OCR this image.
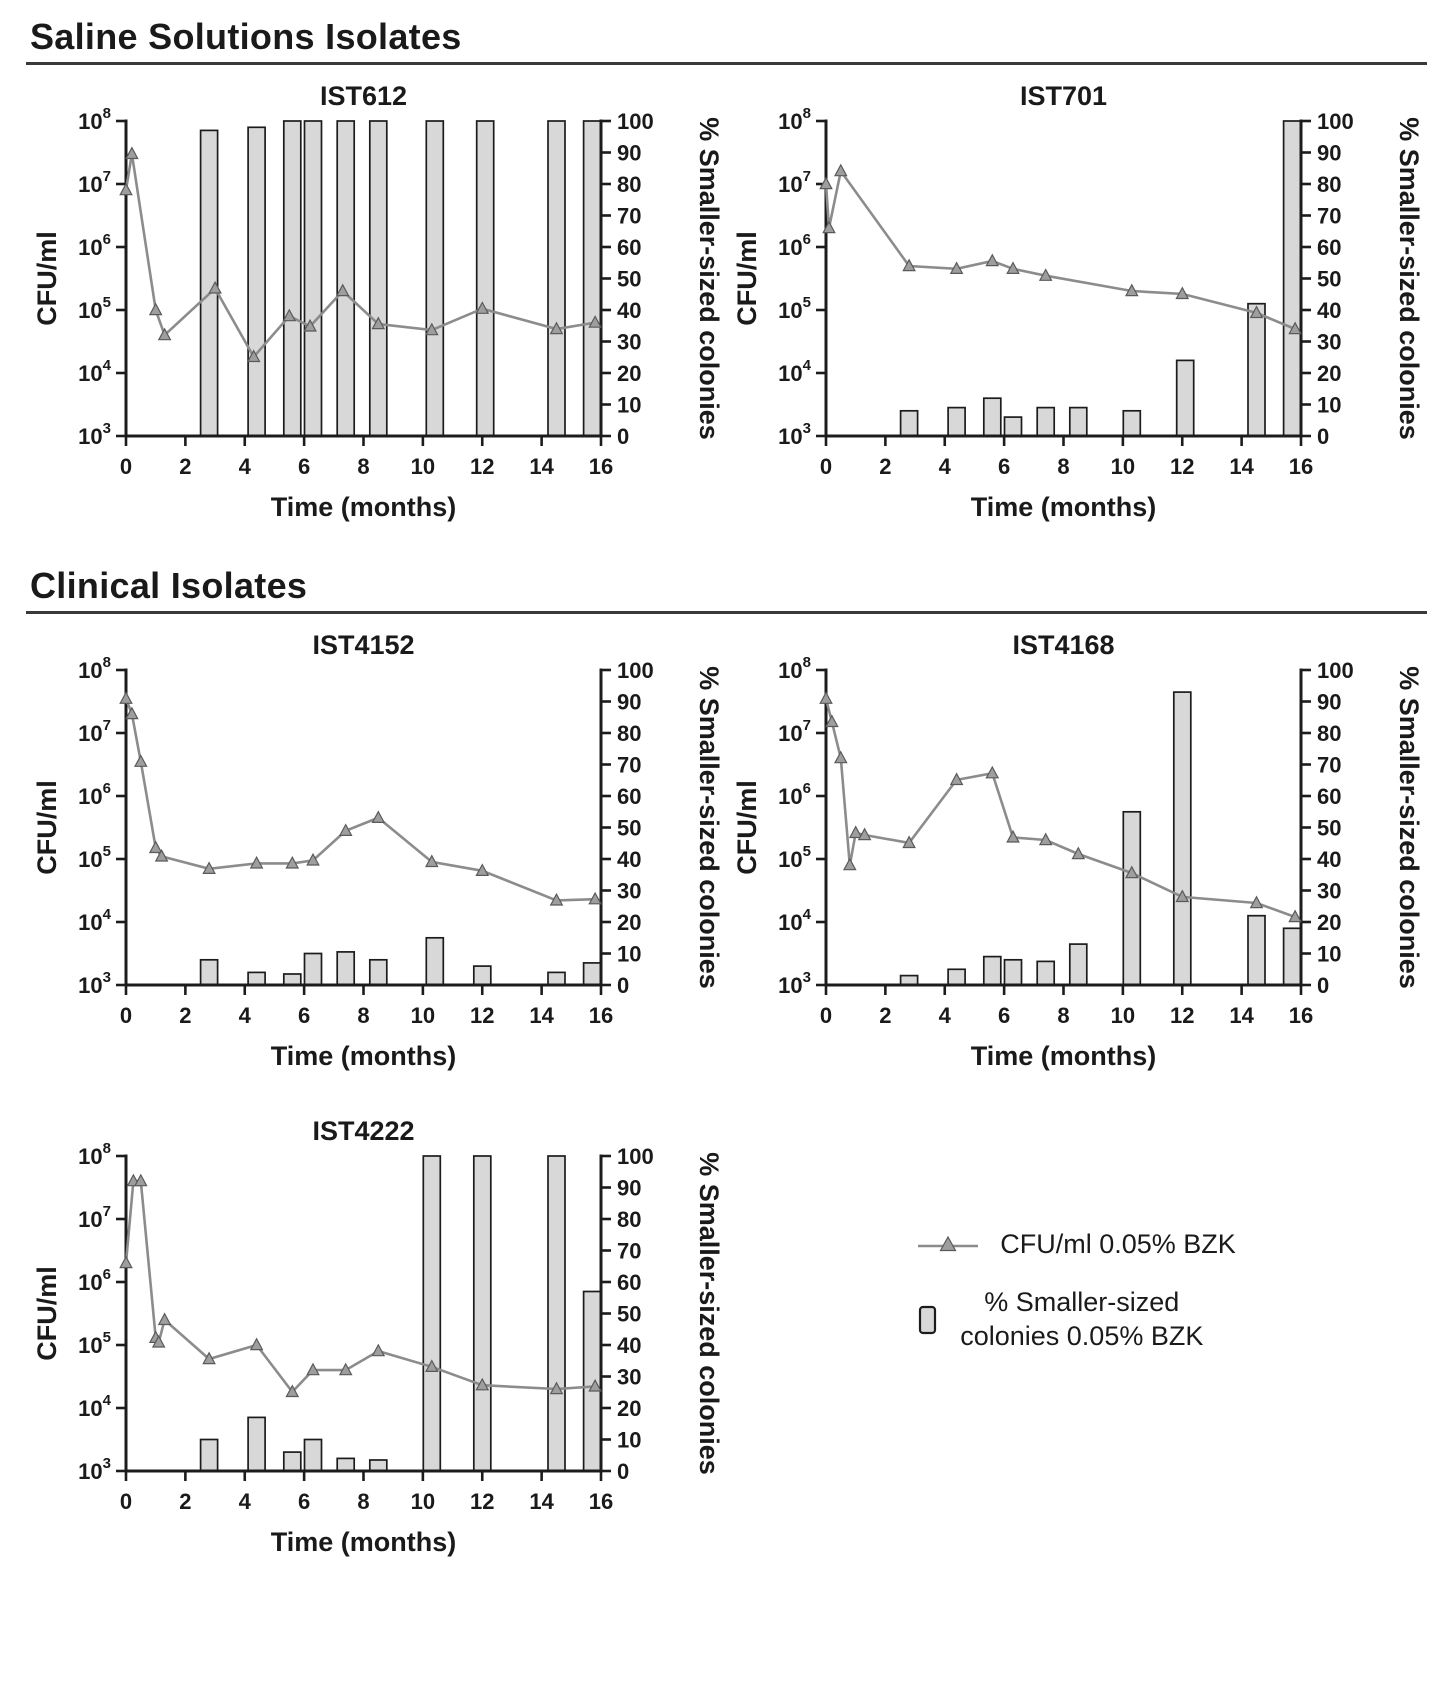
Saline Solutions Isolates
IST612
$10^3$
$10^4$
$10^5$
$10^6$
$10^7$
$10^8$
0
10
20
30
40
50
60
70
80
90
100
0 2 4 6 8 10 12 14 16
CFU/ml	% Smaller-sized colonies
Time (months)
IST701
$10^3$
$10^4$
$10^5$
$10^6$
$10^7$
$10^8$
0
10
20
30
40
50
60
70
80
90
100
0 2 4 6 8 10 12 14 16
CFU/ml	% Smaller-sized colonies
Time (months)
Clinical Isolates
IST4152
$10^3$
$10^4$
$10^5$
$10^6$
$10^7$
$10^8$
0
10
20
30
40
50
60
70
80
90
100
0 2 4 6 8 10 12 14 16
CFU/ml	% Smaller-sized colonies
Time (months)
IST4168
$10^3$
$10^4$
$10^5$
$10^6$
$10^7$
$10^8$
0
10
20
30
40
50
60
70
80
90
100
0 2 4 6 8 10 12 14 16
CFU/ml	% Smaller-sized colonies
Time (months)
IST4222
$10^3$
$10^4$
$10^5$
$10^6$
$10^7$
$10^8$
0
10
20
30
40
50
60
70
80
90
100
0 2 4 6 8 10 12 14 16
CFU/ml	% Smaller-sized colonies
Time (months)
CFU/ml 0.05% BZK
% Smaller-sized
colonies 0.05% BZK
